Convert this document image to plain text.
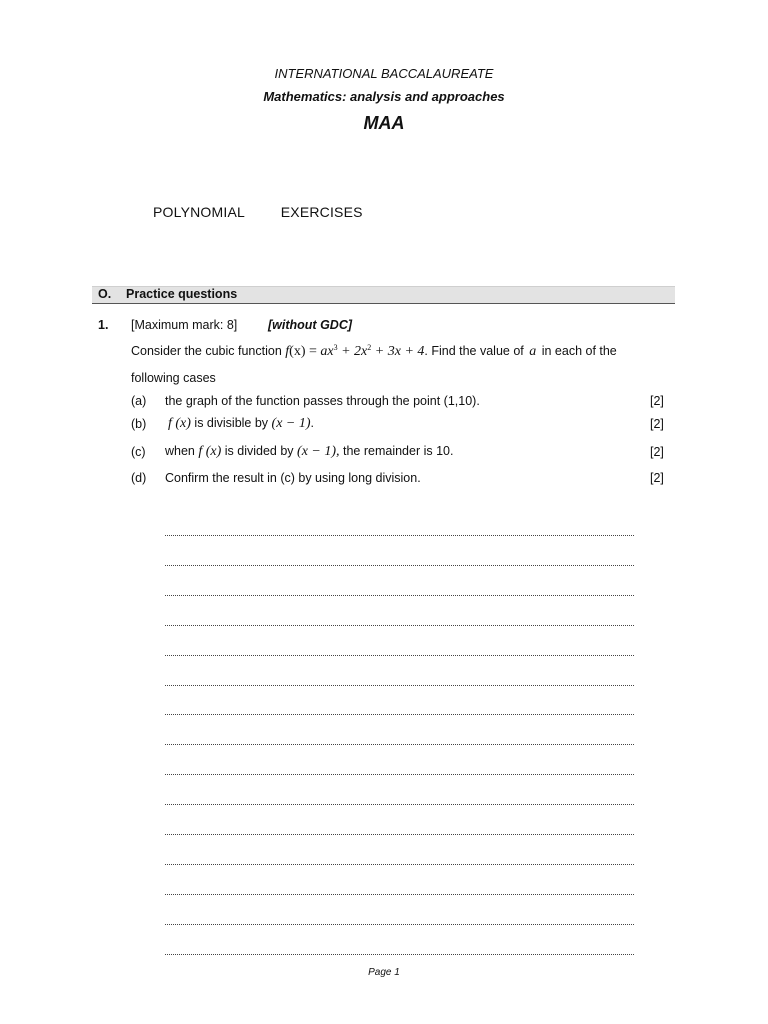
INTERNATIONAL BACCALAUREATE
Mathematics: analysis and approaches
MAA
POLYNOMIAL   EXERCISES
O. Practice questions
1. [Maximum mark: 8] [without GDC]
Consider the cubic function $f(x) = ax^3 + 2x^2 + 3x + 4$. Find the value of a in each of the
following cases
(a) the graph of the function passes through the point (1,10).	[2]
(b) f (x) is divisible by (x − 1).	[2]
(c) when f (x) is divided by (x − 1), the remainder is 10.	[2]
(d) Confirm the result in (c) by using long division.	[2]
Page 1
